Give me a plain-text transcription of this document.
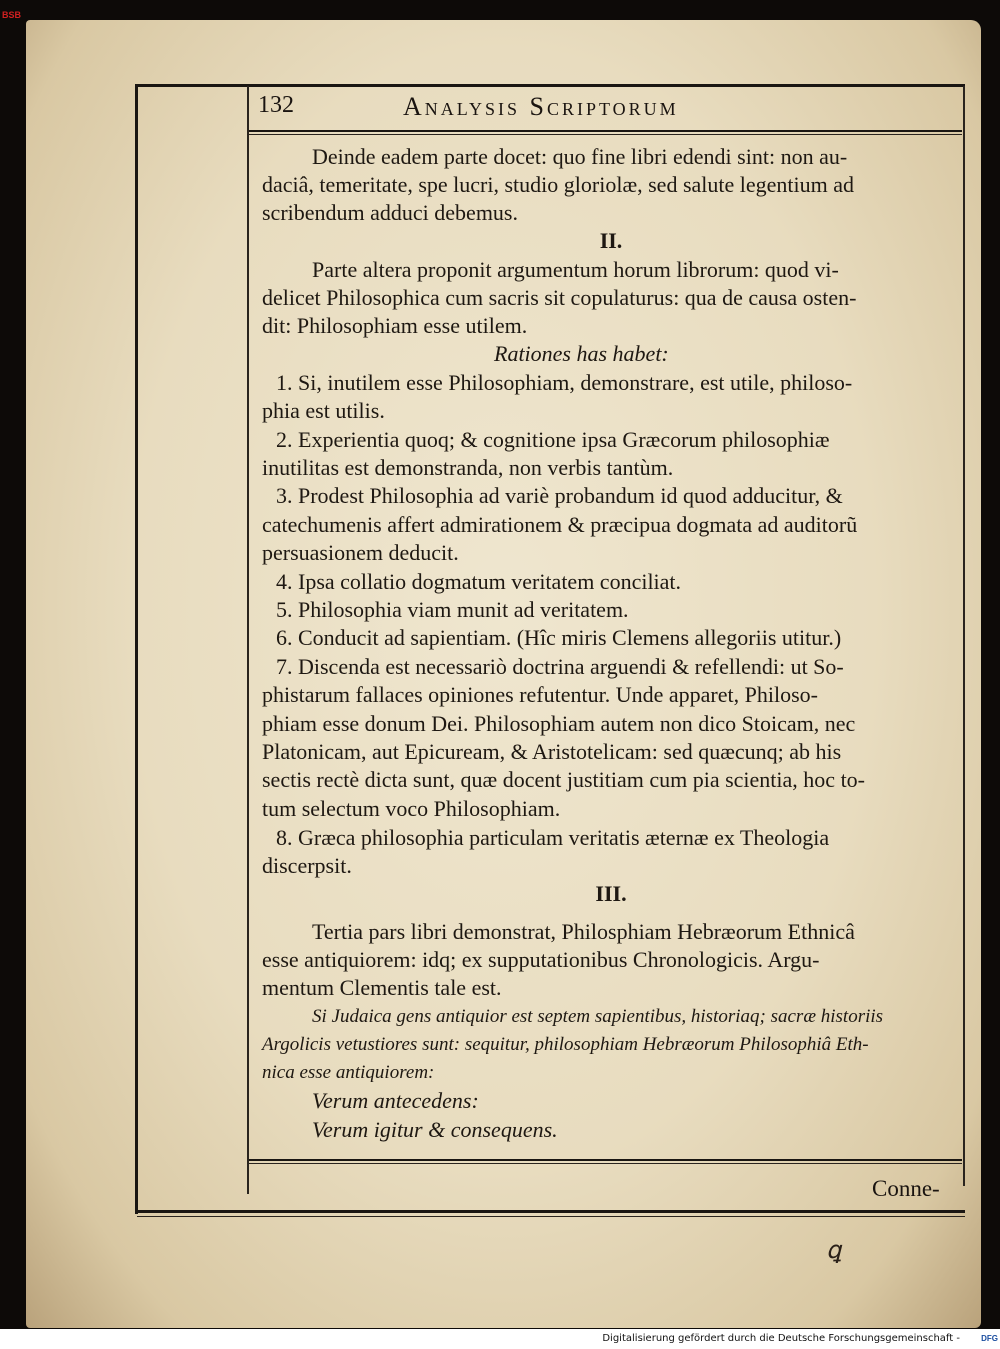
BSB
132	Analysis Scriptorum
Deinde eadem parte docet: quo fine libri edendi sint: non au-
daciâ, temeritate, spe lucri, studio gloriolæ, sed salute legentium ad
scribendum adduci debemus.
II.
Parte altera proponit argumentum horum librorum: quod vi-
delicet Philosophica cum sacris sit copulaturus: qua de causa osten-
dit: Philosophiam esse utilem.
Rationes has habet:
1. Si, inutilem esse Philosophiam, demonstrare, est utile, philoso-
phia est utilis.
2. Experientia quoq; & cognitione ipsa Græcorum philosophiæ
inutilitas est demonstranda, non verbis tantùm.
3. Prodest Philosophia ad variè probandum id quod adducitur, &
catechumenis affert admirationem & præcipua dogmata ad auditorũ
persuasionem deducit.
4. Ipsa collatio dogmatum veritatem conciliat.
5. Philosophia viam munit ad veritatem.
6. Conducit ad sapientiam. (Hîc miris Clemens allegoriis utitur.)
7. Discenda est necessariò doctrina arguendi & refellendi: ut So-
phistarum fallaces opiniones refutentur. Unde apparet, Philoso-
phiam esse donum Dei. Philosophiam autem non dico Stoicam, nec
Platonicam, aut Epicuream, & Aristotelicam: sed quæcunq; ab his
sectis rectè dicta sunt, quæ docent justitiam cum pia scientia, hoc to-
tum selectum voco Philosophiam.
8. Græca philosophia particulam veritatis æternæ ex Theologia
discerpsit.
III.
Tertia pars libri demonstrat, Philosphiam Hebræorum Ethnicâ
esse antiquiorem: idq; ex supputationibus Chronologicis. Argu-
mentum Clementis tale est.
Si Judaica gens antiquior est septem sapientibus, historiaq; sacræ historiis
Argolicis vetustiores sunt: sequitur, philosophiam Hebræorum Philosophiâ Eth-
nica esse antiquiorem:
Verum antecedens:
Verum igitur & consequens.
Conne-
ꝗ
Digitalisierung gefördert durch die Deutsche Forschungsgemeinschaft -	DFG
